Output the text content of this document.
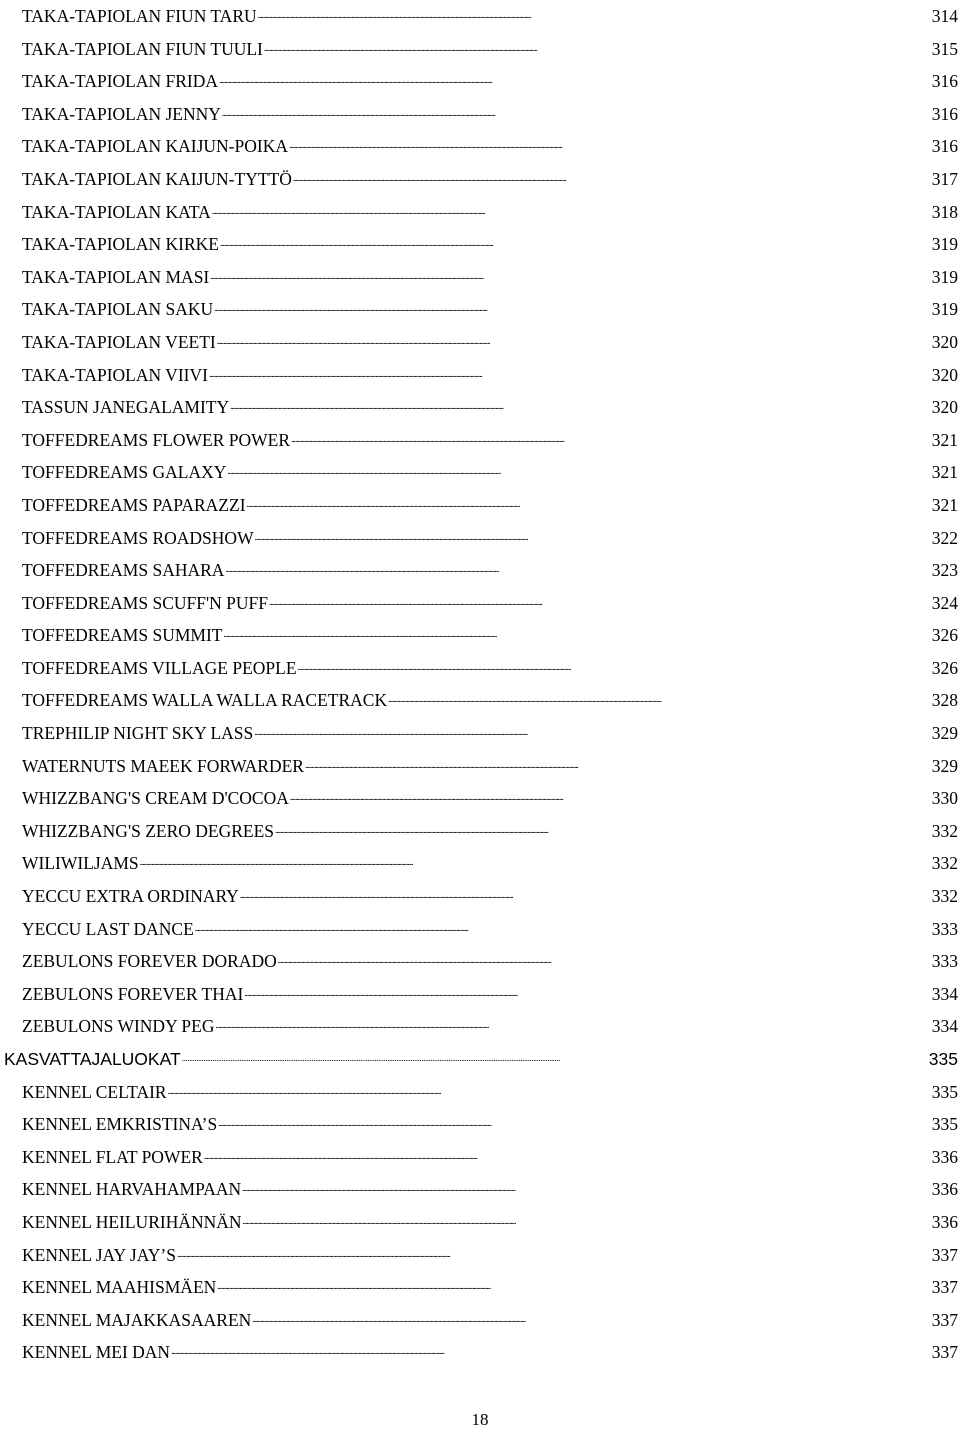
TAKA-TAPIOLAN FIUN TARU . . .	314
TAKA-TAPIOLAN FIUN TUULI . . .	315
TAKA-TAPIOLAN FRIDA . . .	316
TAKA-TAPIOLAN JENNY . . .	316
TAKA-TAPIOLAN KAIJUN-POIKA . . .	316
TAKA-TAPIOLAN KAIJUN-TYTTÖ . . .	317
TAKA-TAPIOLAN KATA . . .	318
TAKA-TAPIOLAN KIRKE . . .	319
TAKA-TAPIOLAN MASI . . .	319
TAKA-TAPIOLAN SAKU . . .	319
TAKA-TAPIOLAN VEETI . . .	320
TAKA-TAPIOLAN VIIVI . . .	320
TASSUN JANEGALAMITY . . .	320
TOFFEDREAMS FLOWER POWER . . .	321
TOFFEDREAMS GALAXY . . .	321
TOFFEDREAMS PAPARAZZI . . .	321
TOFFEDREAMS ROADSHOW . . .	322
TOFFEDREAMS SAHARA . . .	323
TOFFEDREAMS SCUFF'N PUFF . . .	324
TOFFEDREAMS SUMMIT . . .	326
TOFFEDREAMS VILLAGE PEOPLE . . .	326
TOFFEDREAMS WALLA WALLA RACETRACK . . .	328
TREPHILIP NIGHT SKY LASS . . .	329
WATERNUTS MAEEK FORWARDER . . .	329
WHIZZBANG'S CREAM D'COCOA . . .	330
WHIZZBANG'S ZERO DEGREES . . .	332
WILIWILJAMS . . .	332
YECCU EXTRA ORDINARY . . .	332
YECCU LAST DANCE . . .	333
ZEBULONS FOREVER DORADO . . .	333
ZEBULONS FOREVER THAI . . .	334
ZEBULONS WINDY PEG . . .	334
KASVATTAJALUOKAT . . .	335
KENNEL CELTAIR . . .	335
KENNEL EMKRISTINA’S . . .	335
KENNEL FLAT POWER . . .	336
KENNEL HARVAHAMPAAN . . .	336
KENNEL HEILURIHÄNNÄN . . .	336
KENNEL JAY JAY’S . . .	337
KENNEL MAAHISMÄEN . . .	337
KENNEL MAJAKKASAAREN . . .	337
KENNEL MEI DAN . . .	337
18
